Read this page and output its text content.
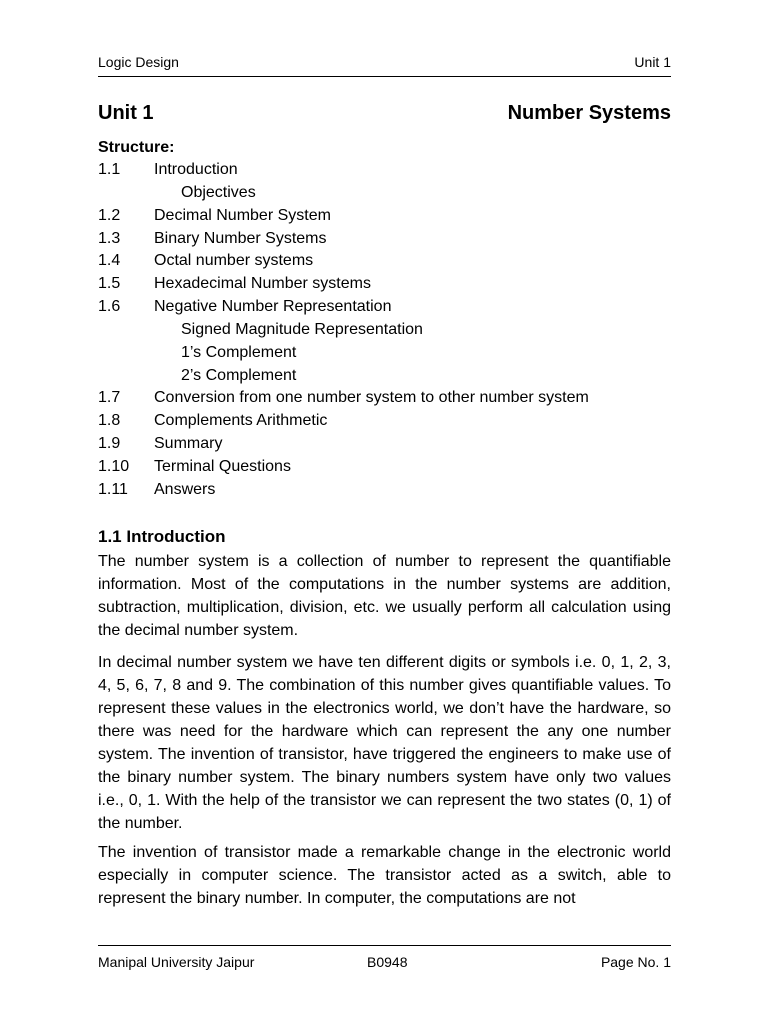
Logic Design	Unit 1
Unit 1	Number Systems
Structure:
1.1 Introduction
Objectives
1.2 Decimal Number System
1.3 Binary Number Systems
1.4 Octal number systems
1.5 Hexadecimal Number systems
1.6 Negative Number Representation
Signed Magnitude Representation
1’s Complement
2’s Complement
1.7 Conversion from one number system to other number system
1.8 Complements Arithmetic
1.9 Summary
1.10 Terminal Questions
1.11 Answers
1.1 Introduction

The number system is a collection of number to represent the quantifiable information. Most of the computations in the number systems are addition, subtraction, multiplication, division, etc. we usually perform all calculation using the decimal number system.

In decimal number system we have ten different digits or symbols i.e. 0, 1, 2, 3, 4, 5, 6, 7, 8 and 9. The combination of this number gives quantifiable values. To represent these values in the electronics world, we don’t have the hardware, so there was need for the hardware which can represent the any one number system. The invention of transistor, have triggered the engineers to make use of the binary number system. The binary numbers system have only two values i.e., 0, 1. With the help of the transistor we can represent the two states (0, 1) of the number.

The invention of transistor made a remarkable change in the electronic world especially in computer science. The transistor acted as a switch, able to represent the binary number. In computer, the computations are not

Manipal University Jaipur	B0948	Page No. 1
